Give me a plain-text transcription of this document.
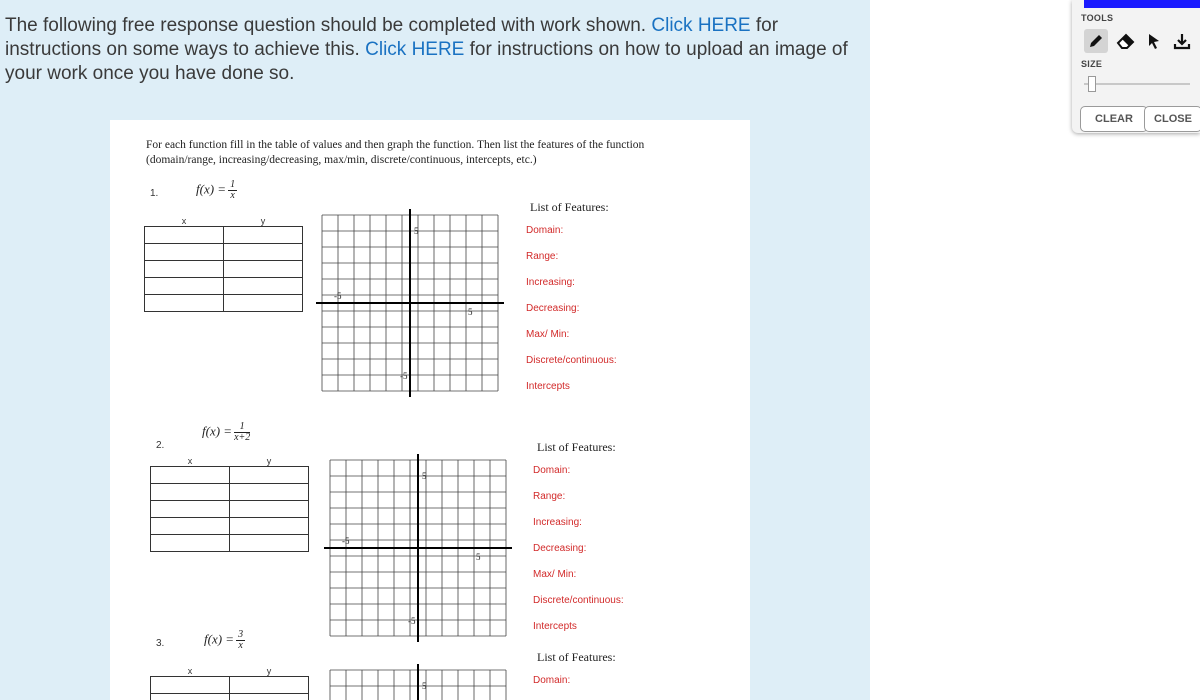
The following free response question should be completed with work shown. Click HERE for instructions on some ways to achieve this. Click HERE for instructions on how to upload an image of your work once you have done so.
For each function fill in the table of values and then graph the function. Then list the features of the function (domain/range, increasing/decreasing, max/min, discrete/continuous, intercepts, etc.)
1.	$f(x) = \frac{1}{x}$
x	y

5
-5
-5
5
List of Features:
Domain:
Range:
Increasing:
Decreasing:
Max/ Min:
Discrete/continuous:
Intercepts
2.
$f(x) = \frac{1}{x+2}$
x	y

5
-5
-5
5
List of Features:
Domain:
Range:
Increasing:
Decreasing:
Max/ Min:
Discrete/continuous:
Intercepts
3.	$f(x) = \frac{3}{x}$
x	y

5
List of Features:
Domain:
TOOLS
SIZE
CLEAR	CLOSE
